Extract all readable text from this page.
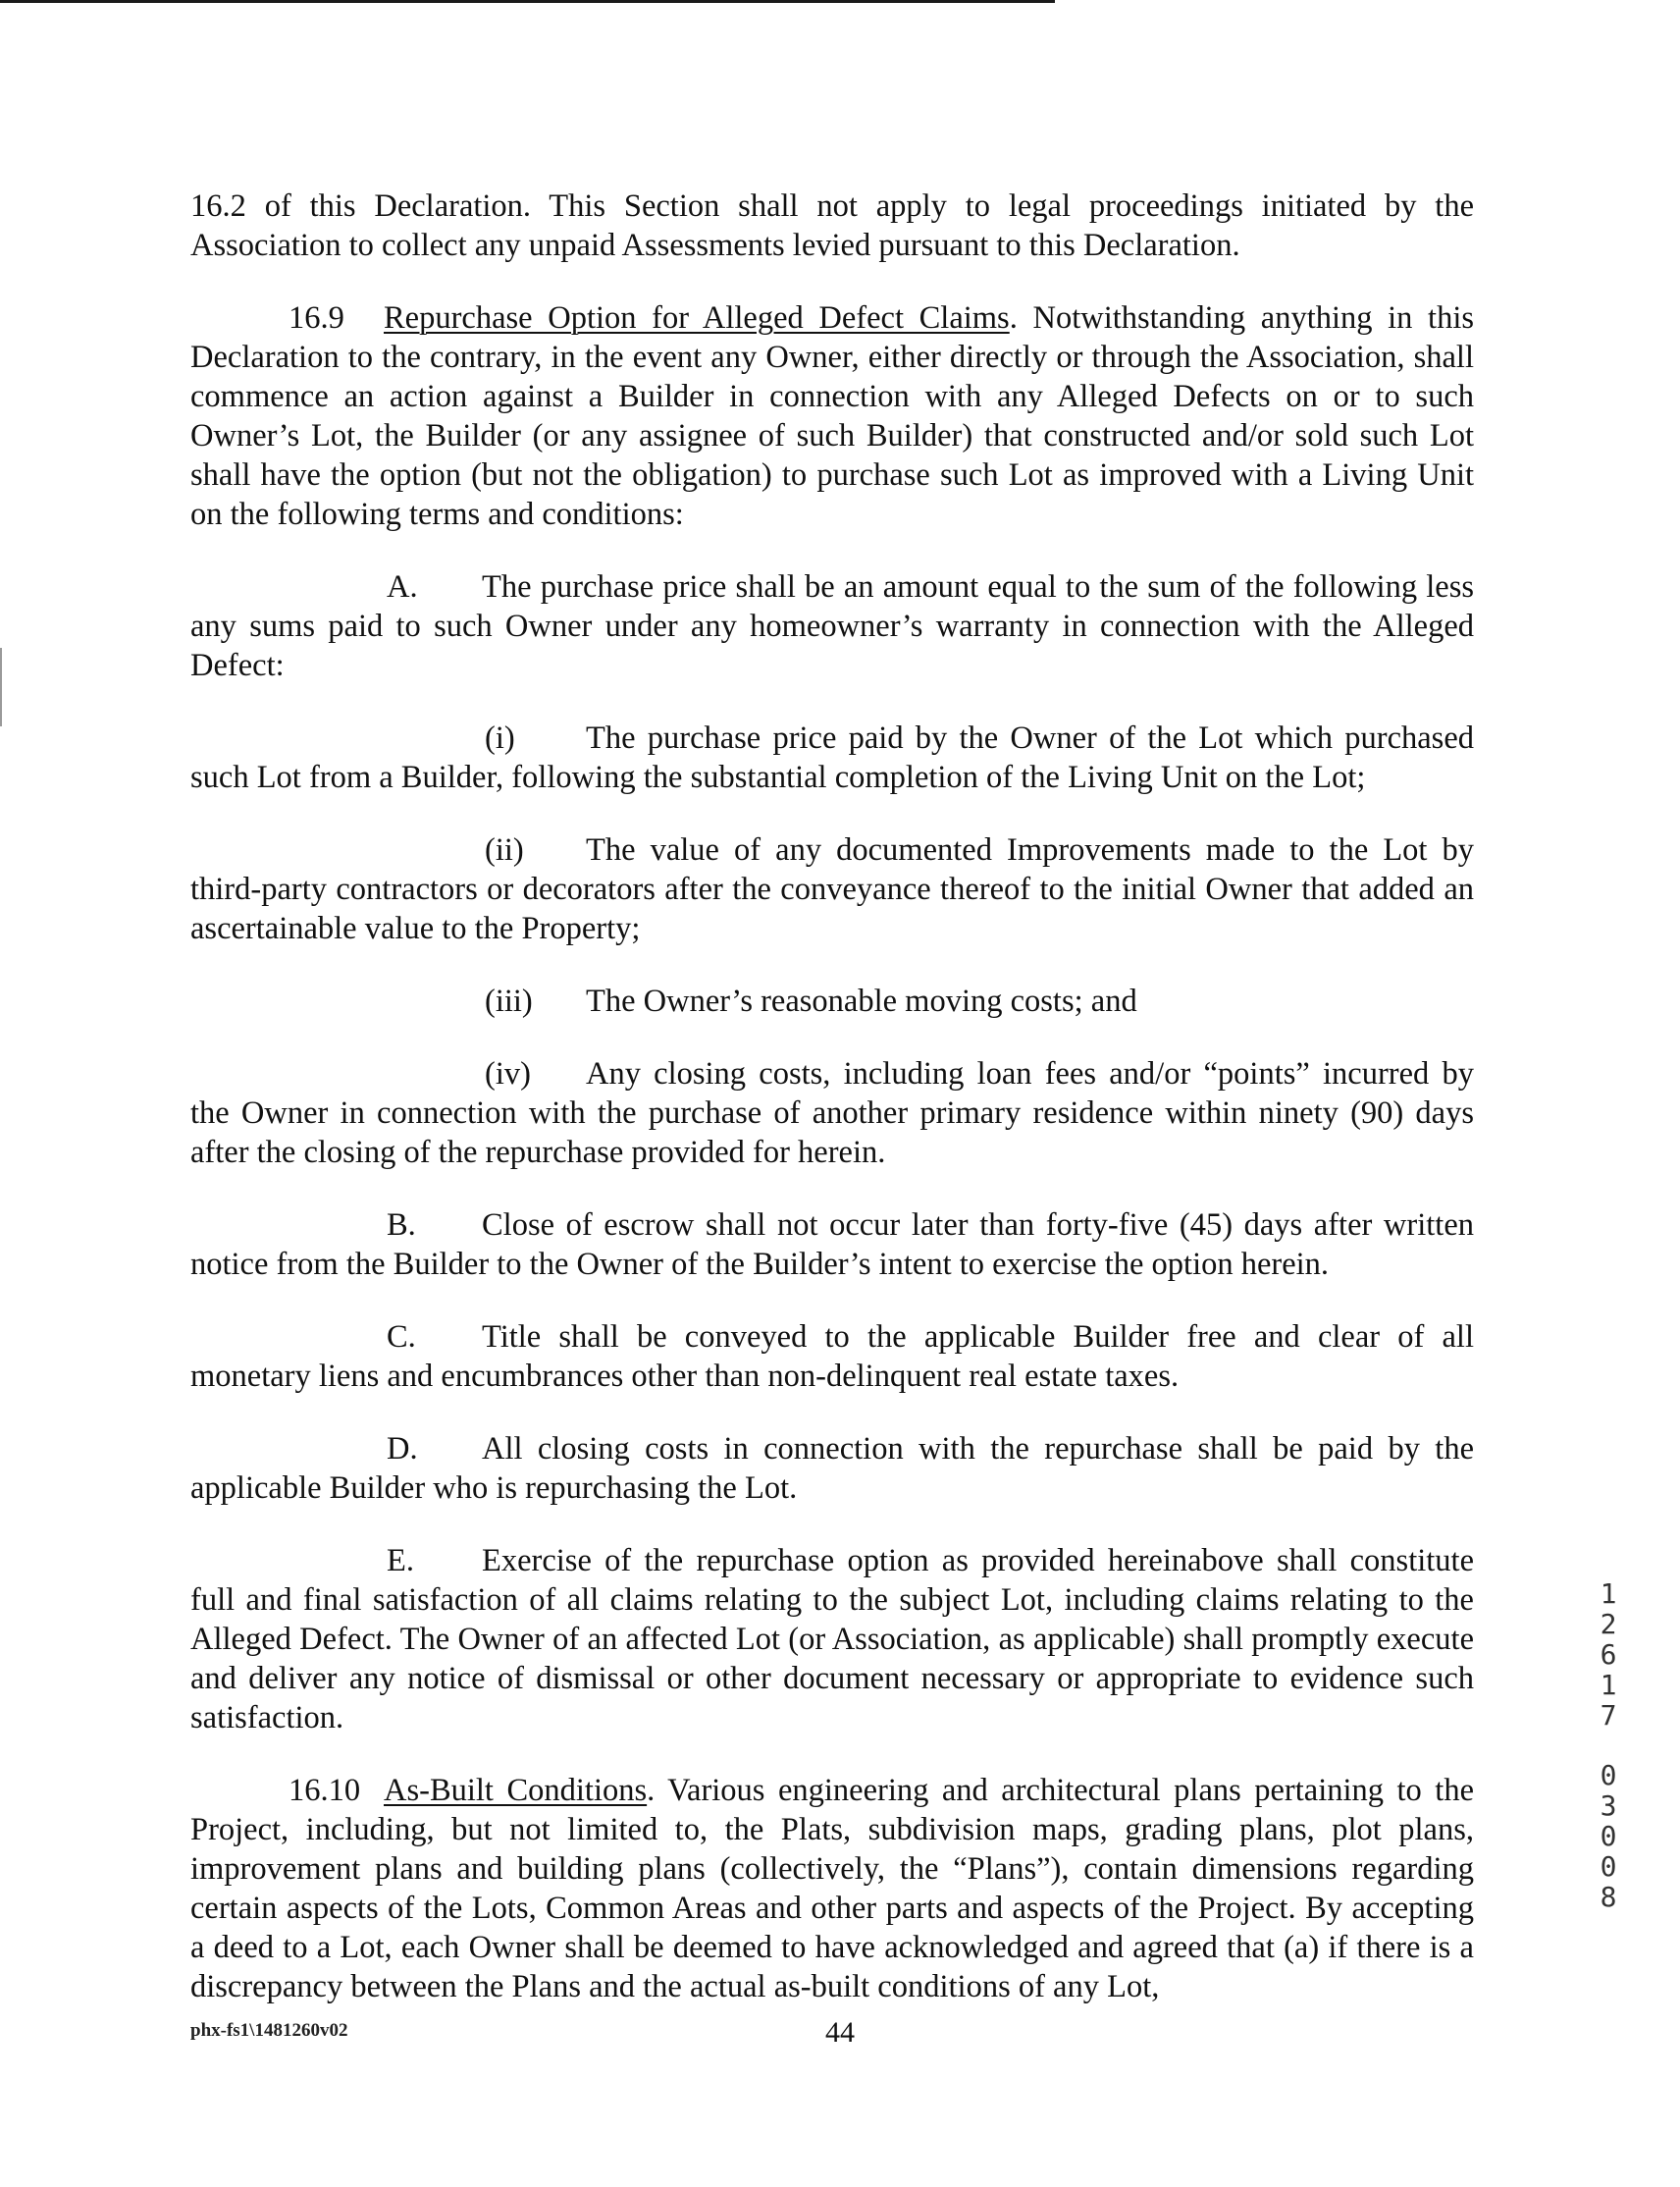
16.2 of this Declaration. This Section shall not apply to legal proceedings initiated by the Association to collect any unpaid Assessments levied pursuant to this Declaration.

16.9 Repurchase Option for Alleged Defect Claims. Notwithstanding anything in this Declaration to the contrary, in the event any Owner, either directly or through the Association, shall commence an action against a Builder in connection with any Alleged Defects on or to such Owner’s Lot, the Builder (or any assignee of such Builder) that constructed and/or sold such Lot shall have the option (but not the obligation) to purchase such Lot as improved with a Living Unit on the following terms and conditions:

A. The purchase price shall be an amount equal to the sum of the following less any sums paid to such Owner under any homeowner’s warranty in connection with the Alleged Defect:

(i) The purchase price paid by the Owner of the Lot which purchased such Lot from a Builder, following the substantial completion of the Living Unit on the Lot;

(ii) The value of any documented Improvements made to the Lot by third-party contractors or decorators after the conveyance thereof to the initial Owner that added an ascertainable value to the Property;

(iii) The Owner’s reasonable moving costs; and

(iv) Any closing costs, including loan fees and/or “points” incurred by the Owner in connection with the purchase of another primary residence within ninety (90) days after the closing of the repurchase provided for herein.

B. Close of escrow shall not occur later than forty-five (45) days after written notice from the Builder to the Owner of the Builder’s intent to exercise the option herein.

C. Title shall be conveyed to the applicable Builder free and clear of all monetary liens and encumbrances other than non-delinquent real estate taxes.

D. All closing costs in connection with the repurchase shall be paid by the applicable Builder who is repurchasing the Lot.

E. Exercise of the repurchase option as provided hereinabove shall constitute full and final satisfaction of all claims relating to the subject Lot, including claims relating to the Alleged Defect. The Owner of an affected Lot (or Association, as applicable) shall promptly execute and deliver any notice of dismissal or other document necessary or appropriate to evidence such satisfaction.

16.10 As-Built Conditions. Various engineering and architectural plans pertaining to the Project, including, but not limited to, the Plats, subdivision maps, grading plans, plot plans, improvement plans and building plans (collectively, the “Plans”), contain dimensions regarding certain aspects of the Lots, Common Areas and other parts and aspects of the Project. By accepting a deed to a Lot, each Owner shall be deemed to have acknowledged and agreed that (a) if there is a discrepancy between the Plans and the actual as-built conditions of any Lot,

1261 7
03008
phx-fs1\1481260v02	44
